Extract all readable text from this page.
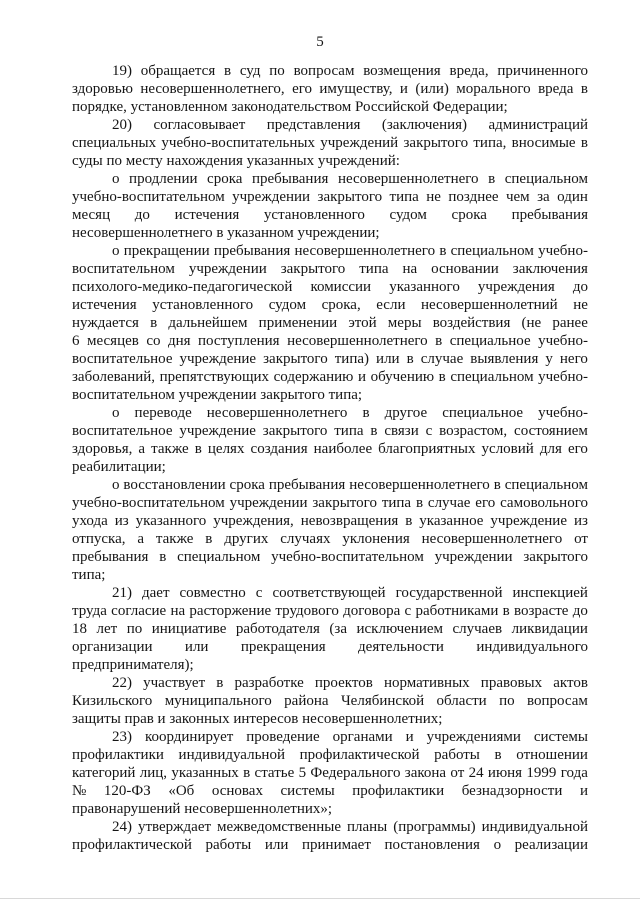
5
19) обращается в суд по вопросам возмещения вреда, причиненного
здоровью несовершеннолетнего, его имуществу, и (или) морального вреда в
порядке, установленном законодательством Российской Федерации;
20) согласовывает представления (заключения) администраций
специальных учебно-воспитательных учреждений закрытого типа, вносимые в
суды по месту нахождения указанных учреждений:
о продлении срока пребывания несовершеннолетнего в специальном
учебно-воспитательном учреждении закрытого типа не позднее чем за один
месяц до истечения установленного судом срока пребывания
несовершеннолетнего в указанном учреждении;
о прекращении пребывания несовершеннолетнего в специальном учебно-
воспитательном учреждении закрытого типа на основании заключения
психолого-медико-педагогической комиссии указанного учреждения до
истечения установленного судом срока, если несовершеннолетний не
нуждается в дальнейшем применении этой меры воздействия (не ранее
6 месяцев со дня поступления несовершеннолетнего в специальное учебно-
воспитательное учреждение закрытого типа) или в случае выявления у него
заболеваний, препятствующих содержанию и обучению в специальном учебно-
воспитательном учреждении закрытого типа;
о переводе несовершеннолетнего в другое специальное учебно-
воспитательное учреждение закрытого типа в связи с возрастом, состоянием
здоровья, а также в целях создания наиболее благоприятных условий для его
реабилитации;
о восстановлении срока пребывания несовершеннолетнего в специальном
учебно-воспитательном учреждении закрытого типа в случае его самовольного
ухода из указанного учреждения, невозвращения в указанное учреждение из
отпуска, а также в других случаях уклонения несовершеннолетнего от
пребывания в специальном учебно-воспитательном учреждении закрытого
типа;
21) дает совместно с соответствующей государственной инспекцией
труда согласие на расторжение трудового договора с работниками в возрасте до
18 лет по инициативе работодателя (за исключением случаев ликвидации
организации или прекращения деятельности индивидуального
предпринимателя);
22) участвует в разработке проектов нормативных правовых актов
Кизильского муниципального района Челябинской области по вопросам
защиты прав и законных интересов несовершеннолетних;
23) координирует проведение органами и учреждениями системы
профилактики индивидуальной профилактической работы в отношении
категорий лиц, указанных в статье 5 Федерального закона от 24 июня 1999 года
№ 120-ФЗ «Об основах системы профилактики безнадзорности и
правонарушений несовершеннолетних»;
24) утверждает межведомственные планы (программы) индивидуальной
профилактической работы или принимает постановления о реализации
